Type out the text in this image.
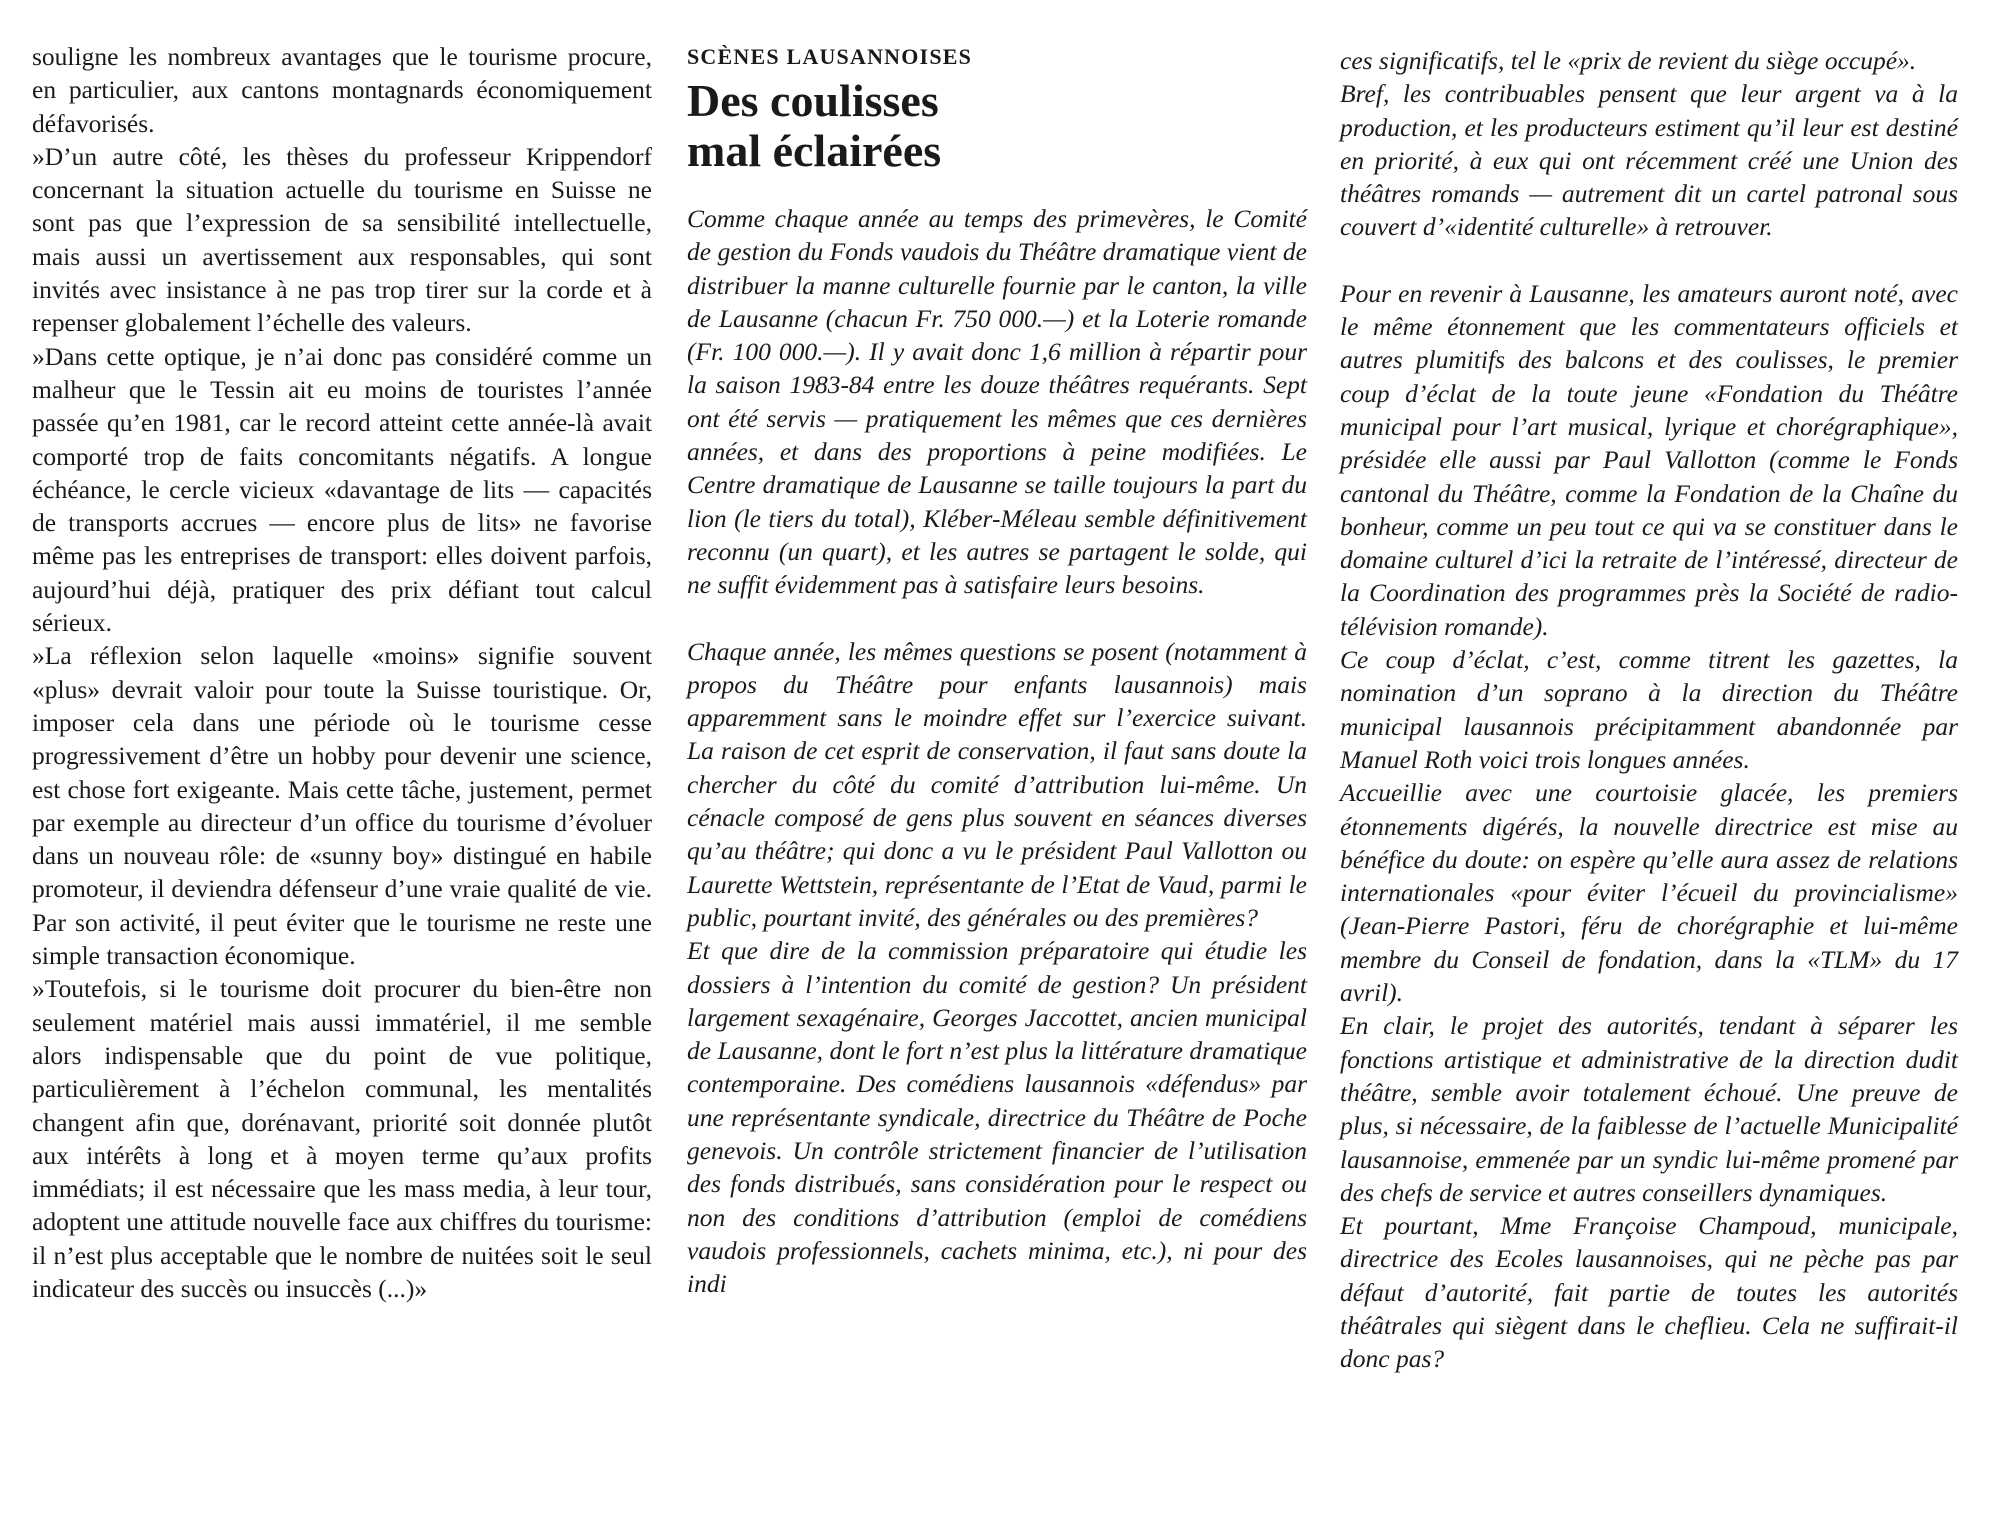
souligne les nombreux avantages que le tourisme procure, en particulier, aux cantons montagnards économiquement défavorisés.

»D’un autre côté, les thèses du professeur Krippendorf concernant la situation actuelle du tourisme en Suisse ne sont pas que l’expression de sa sensibilité intellectuelle, mais aussi un avertissement aux responsables, qui sont invités avec insistance à ne pas trop tirer sur la corde et à repenser globalement l’échelle des valeurs.

»Dans cette optique, je n’ai donc pas considéré comme un malheur que le Tessin ait eu moins de touristes l’année passée qu’en 1981, car le record atteint cette année-là avait comporté trop de faits concomitants négatifs. A longue échéance, le cercle vicieux «davantage de lits — capacités de transports accrues — encore plus de lits» ne favorise même pas les entreprises de transport: elles doivent parfois, aujourd’hui déjà, pratiquer des prix défiant tout calcul sérieux.

»La réflexion selon laquelle «moins» signifie souvent «plus» devrait valoir pour toute la Suisse touristique. Or, imposer cela dans une période où le tourisme cesse progressivement d’être un hobby pour devenir une science, est chose fort exigeante. Mais cette tâche, justement, permet par exemple au directeur d’un office du tourisme d’évoluer dans un nouveau rôle: de «sunny boy» distingué en habile promoteur, il deviendra défenseur d’une vraie qualité de vie. Par son activité, il peut éviter que le tourisme ne reste une simple transaction économique.

»Toutefois, si le tourisme doit procurer du bien-être non seulement matériel mais aussi immatériel, il me semble alors indispensable que du point de vue politique, particulièrement à l’échelon communal, les mentalités changent afin que, dorénavant, priorité soit donnée plutôt aux intérêts à long et à moyen terme qu’aux profits immédiats; il est nécessaire que les mass media, à leur tour, adoptent une attitude nouvelle face aux chiffres du tourisme: il n’est plus acceptable que le nombre de nuitées soit le seul indicateur des succès ou insuccès (...)»

SCÈNES LAUSANNOISES
Des coulisses
mal éclairées

Comme chaque année au temps des primevères, le Comité de gestion du Fonds vaudois du Théâtre dramatique vient de distribuer la manne culturelle fournie par le canton, la ville de Lausanne (chacun Fr. 750 000.—) et la Loterie romande (Fr. 100 000.—). Il y avait donc 1,6 million à répartir pour la saison 1983-84 entre les douze théâtres requérants. Sept ont été servis — pratiquement les mêmes que ces dernières années, et dans des proportions à peine modifiées. Le Centre dramatique de Lausanne se taille toujours la part du lion (le tiers du total), Kléber-Méleau semble définitivement reconnu (un quart), et les autres se partagent le solde, qui ne suffit évidemment pas à satisfaire leurs besoins.

Chaque année, les mêmes questions se posent (notamment à propos du Théâtre pour enfants lausannois) mais apparemment sans le moindre effet sur l’exercice suivant. La raison de cet esprit de conservation, il faut sans doute la chercher du côté du comité d’attribution lui-même. Un cénacle composé de gens plus souvent en séances diverses qu’au théâtre; qui donc a vu le président Paul Vallotton ou Laurette Wettstein, représentante de l’Etat de Vaud, parmi le public, pourtant invité, des générales ou des premières?

Et que dire de la commission préparatoire qui étudie les dossiers à l’intention du comité de gestion? Un président largement sexagénaire, Georges Jaccottet, ancien municipal de Lausanne, dont le fort n’est plus la littérature dramatique contemporaine. Des comédiens lausannois «défendus» par une représentante syndicale, directrice du Théâtre de Poche genevois. Un contrôle strictement financier de l’utilisation des fonds distribués, sans considération pour le respect ou non des conditions d’attribution (emploi de comédiens vaudois professionnels, cachets minima, etc.), ni pour des indi

ces significatifs, tel le «prix de revient du siège occupé».

Bref, les contribuables pensent que leur argent va à la production, et les producteurs estiment qu’il leur est destiné en priorité, à eux qui ont récemment créé une Union des théâtres romands — autrement dit un cartel patronal sous couvert d’«identité culturelle» à retrouver.

Pour en revenir à Lausanne, les amateurs auront noté, avec le même étonnement que les commentateurs officiels et autres plumitifs des balcons et des coulisses, le premier coup d’éclat de la toute jeune «Fondation du Théâtre municipal pour l’art musical, lyrique et chorégraphique», présidée elle aussi par Paul Vallotton (comme le Fonds cantonal du Théâtre, comme la Fondation de la Chaîne du bonheur, comme un peu tout ce qui va se constituer dans le domaine culturel d’ici la retraite de l’intéressé, directeur de la Coordination des programmes près la Société de radio-télévision romande).

Ce coup d’éclat, c’est, comme titrent les gazettes, la nomination d’un soprano à la direction du Théâtre municipal lausannois précipitamment abandonnée par Manuel Roth voici trois longues années.

Accueillie avec une courtoisie glacée, les premiers étonnements digérés, la nouvelle directrice est mise au bénéfice du doute: on espère qu’elle aura assez de relations internationales «pour éviter l’écueil du provincialisme» (Jean-Pierre Pastori, féru de chorégraphie et lui-même membre du Conseil de fondation, dans la «TLM» du 17 avril).

En clair, le projet des autorités, tendant à séparer les fonctions artistique et administrative de la direction dudit théâtre, semble avoir totalement échoué. Une preuve de plus, si nécessaire, de la faiblesse de l’actuelle Municipalité lausannoise, emmenée par un syndic lui-même promené par des chefs de service et autres conseillers dynamiques.

Et pourtant, Mme Françoise Champoud, municipale, directrice des Ecoles lausannoises, qui ne pèche pas par défaut d’autorité, fait partie de toutes les autorités théâtrales qui siègent dans le cheflieu. Cela ne suffirait-il donc pas?
